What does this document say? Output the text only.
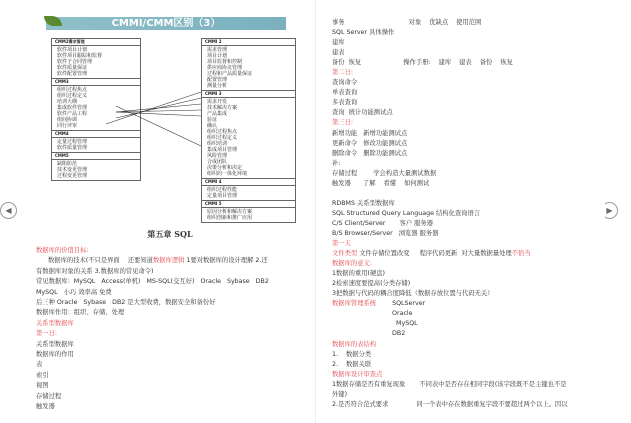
◀	▶
CMMI/CMM区别（3）
CMM2需求管理
软件项目计划
软件项目跟踪和监督
软件子合同管理
软件质量保证
软件配置管理
CMM3
组织过程焦点
组织过程定义
培训大纲
集成软件管理
软件产品工程
组间协调
同行评审
CMM4
定量过程管理
软件质量管理
CMM5
缺陷防范
技术变更管理
过程变更管理
CMMI 2
需求管理
项目计划
项目监督和控制
供应商协议管理
过程和产品质量保证
配置管理
测量分析
CMMI 3
需求开发
技术解决方案
产品集成
验证
确认
组织过程焦点
组织过程定义
组织培训
集成项目管理
风险管理
合成团队
决策分析和决定
组织的一体化环境
CMMI 4
组织过程性能
定量项目管理
CMMI 5
原因分析和解决方案
组织创新和推广应用
第五章 SQL
数据库的价值目标:
数据库的技术(不只是界面    还要知道数据库逻辑 1要对数据库的设计理解 2.还
有数据库对象的关系 3.数据库的常见命令)
常见数据库：MySQL   Access(单机)   MS-SQL(交互好)   Oracle   Sybase   DB2
MySQL   小巧 效率高 免费
后三种 Oracle   Sybase   DB2 是大型收费，数据安全和备份好
数据库作用：组织、存储、处理
关系型数据库
第一日:
关系型数据库
数据库的作用
表
索引
视图
存储过程
触发器
事务                                对象    优缺点    使用范围
SQL Server 具体操作
建库
建表
备份  恢复                     操作手册:    建库    建表    备份    恢复
第二日:
查询命令
单表查询
多表查询
查询  统计功能测试点
第三日:
新增功能   新增功能测试点
更新命令   修改功能测试点
删除命令   删除功能测试点
补:
存储过程        学会构造大量测试数据
触发器      了解    看懂    如何测试
RDBMS 关系型数据库
SQL Structured Query Language 结构化查询语言
C/S Client/Server       客户 服务器
B/S Browser/Server   浏览器 服务器
第一天
文件类型 文件存储位置改变     程序代码更新  对大量数据量处理不恰当
数据库的意义:
1数据的重用(硬盘)
2检索速度要提高(分类存储)
3把数据与代码的耦合度降低（数据存放位置与代码无关）
数据库管理系统        SQLServer
Oracle
MySQL
DB2
数据库的表结构
1.    数据分类
2.    数据关联
数据库设计审查点
1数据存储是否有重复现象       不同表中是否存在相同字段(该字段既不是主键也不是
外键)
2.是否符合范式要求              同一个表中存在数据重复字段不要超过两个以上。因以
